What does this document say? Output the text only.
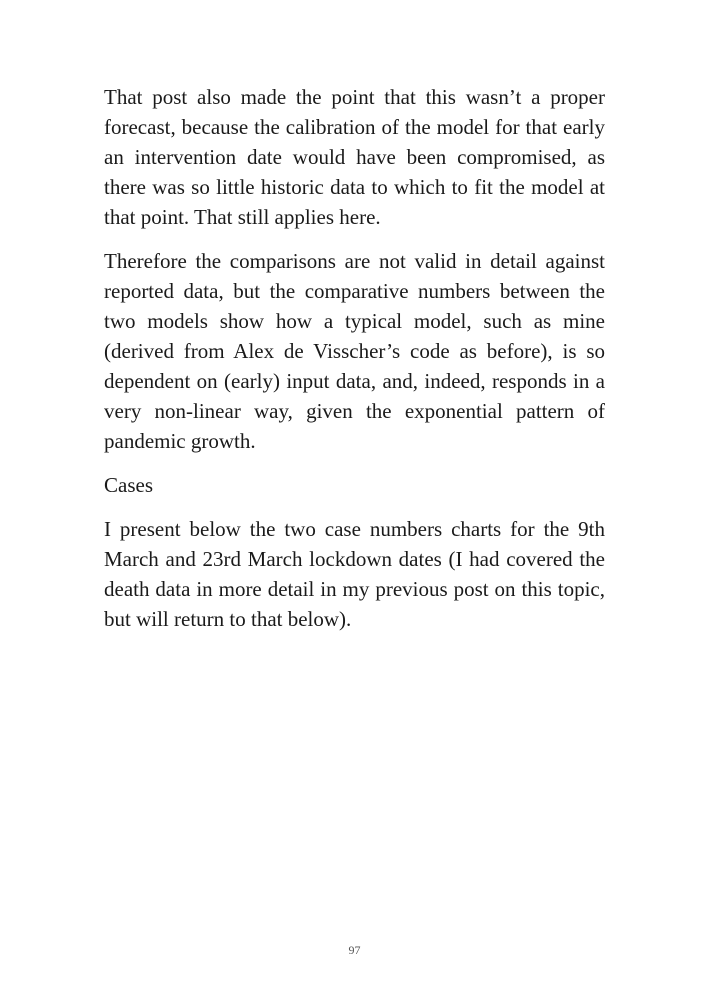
That post also made the point that this wasn’t a proper forecast, because the calibration of the model for that early an intervention date would have been compromised, as there was so little historic data to which to fit the model at that point. That still applies here.

Therefore the comparisons are not valid in detail against reported data, but the comparative numbers between the two models show how a typical model, such as mine (derived from Alex de Visscher’s code as before), is so dependent on (early) input data, and, indeed, responds in a very non-linear way, given the exponential pattern of pandemic growth.

Cases

I present below the two case numbers charts for the 9th March and 23rd March lockdown dates (I had covered the death data in more detail in my previous post on this topic, but will return to that below).

97
